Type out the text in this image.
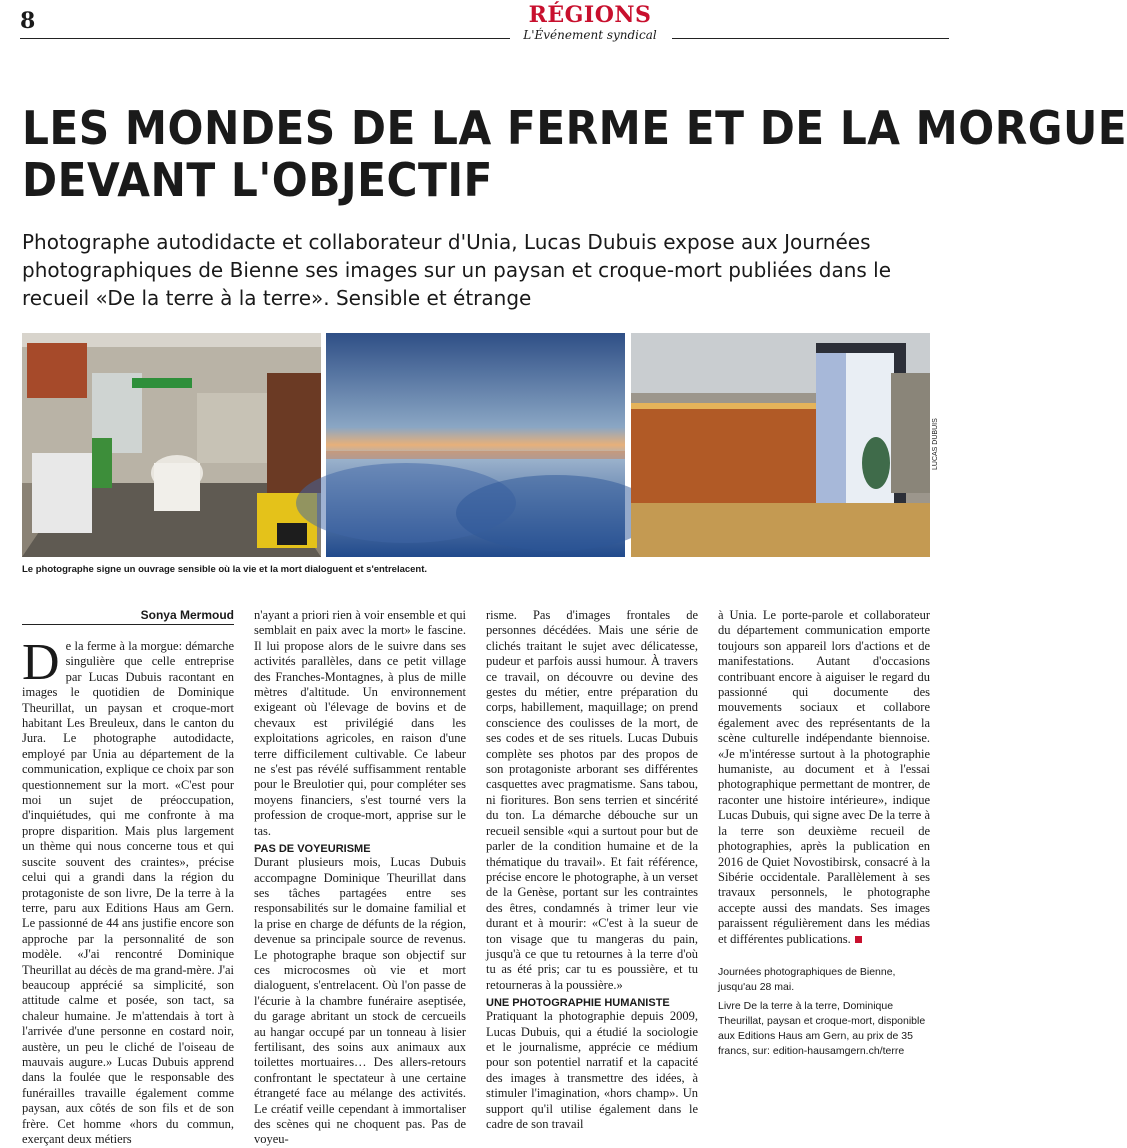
8	RÉGIONS
L'Événement syndical
LES MONDES DE LA FERME ET DE LA MORGUE
DEVANT L'OBJECTIF
Photographe autodidacte et collaborateur d'Unia, Lucas Dubuis expose aux Journées photographiques de Bienne ses images sur un paysan et croque-mort publiées dans le recueil «De la terre à la terre». Sensible et étrange
LUCAS DUBUIS
Le photographe signe un ouvrage sensible où la vie et la mort dialoguent et s'entrelacent.
Sonya Mermoud

De la ferme à la morgue: démarche singulière que celle entreprise par Lucas Dubuis racontant en images le quotidien de Dominique Theurillat, un paysan et croque-mort habitant Les Breuleux, dans le canton du Jura. Le photographe autodidacte, employé par Unia au département de la communication, explique ce choix par son questionnement sur la mort. «C'est pour moi un sujet de préoccupation, d'inquiétudes, qui me confronte à ma propre disparition. Mais plus largement un thème qui nous concerne tous et qui suscite souvent des craintes», précise celui qui a grandi dans la région du protagoniste de son livre, De la terre à la terre, paru aux Editions Haus am Gern. Le passionné de 44 ans justifie encore son approche par la personnalité de son modèle. «J'ai rencontré Dominique Theurillat au décès de ma grand-mère. J'ai beaucoup apprécié sa simplicité, son attitude calme et posée, son tact, sa chaleur humaine. Je m'attendais à tort à l'arrivée d'une personne en costard noir, austère, un peu le cliché de l'oiseau de mauvais augure.» Lucas Dubuis apprend dans la foulée que le responsable des funérailles travaille également comme paysan, aux côtés de son fils et de son frère. Cet homme «hors du commun, exerçant deux métiers

n'ayant a priori rien à voir ensemble et qui semblait en paix avec la mort» le fascine. Il lui propose alors de le suivre dans ses activités parallèles, dans ce petit village des Franches-Montagnes, à plus de mille mètres d'altitude. Un environnement exigeant où l'élevage de bovins et de chevaux est privilégié dans les exploitations agricoles, en raison d'une terre difficilement cultivable. Ce labeur ne s'est pas révélé suffisamment rentable pour le Breulotier qui, pour compléter ses moyens financiers, s'est tourné vers la profession de croque-mort, apprise sur le tas.

PAS DE VOYEURISME

Durant plusieurs mois, Lucas Dubuis accompagne Dominique Theurillat dans ses tâches partagées entre ses responsabilités sur le domaine familial et la prise en charge de défunts de la région, devenue sa principale source de revenus. Le photographe braque son objectif sur ces microcosmes où vie et mort dialoguent, s'entrelacent. Où l'on passe de l'écurie à la chambre funéraire aseptisée, du garage abritant un stock de cercueils au hangar occupé par un tonneau à lisier fertilisant, des soins aux animaux aux toilettes mortuaires… Des allers-retours confrontant le spectateur à une certaine étrangeté face au mélange des activités. Le créatif veille cependant à immortaliser des scènes qui ne choquent pas. Pas de voyeu-

risme. Pas d'images frontales de personnes décédées. Mais une série de clichés traitant le sujet avec délicatesse, pudeur et parfois aussi humour. À travers ce travail, on découvre ou devine des gestes du métier, entre préparation du corps, habillement, maquillage; on prend conscience des coulisses de la mort, de ses codes et de ses rituels. Lucas Dubuis complète ses photos par des propos de son protagoniste arborant ses différentes casquettes avec pragmatisme. Sans tabou, ni fioritures. Bon sens terrien et sincérité du ton. La démarche débouche sur un recueil sensible «qui a surtout pour but de parler de la condition humaine et de la thématique du travail». Et fait référence, précise encore le photographe, à un verset de la Genèse, portant sur les contraintes des êtres, condamnés à trimer leur vie durant et à mourir: «C'est à la sueur de ton visage que tu mangeras du pain, jusqu'à ce que tu retournes à la terre d'où tu as été pris; car tu es poussière, et tu retourneras à la poussière.»

UNE PHOTOGRAPHIE HUMANISTE

Pratiquant la photographie depuis 2009, Lucas Dubuis, qui a étudié la sociologie et le journalisme, apprécie ce médium pour son potentiel narratif et la capacité des images à transmettre des idées, à stimuler l'imagination, «hors champ». Un support qu'il utilise également dans le cadre de son travail

à Unia. Le porte-parole et collaborateur du département communication emporte toujours son appareil lors d'actions et de manifestations. Autant d'occasions contribuant encore à aiguiser le regard du passionné qui documente des mouvements sociaux et collabore également avec des représentants de la scène culturelle indépendante biennoise. «Je m'intéresse surtout à la photographie humaniste, au document et à l'essai photographique permettant de montrer, de raconter une histoire intérieure», indique Lucas Dubuis, qui signe avec De la terre à la terre son deuxième recueil de photographies, après la publication en 2016 de Quiet Novostibirsk, consacré à la Sibérie occidentale. Parallèlement à ses travaux personnels, le photographe accepte aussi des mandats. Ses images paraissent régulièrement dans les médias et différentes publications.

Journées photographiques de Bienne, jusqu'au 28 mai.
Livre De la terre à la terre, Dominique Theurillat, paysan et croque-mort, disponible aux Editions Haus am Gern, au prix de 35 francs, sur: edition-hausamgern.ch/terre
